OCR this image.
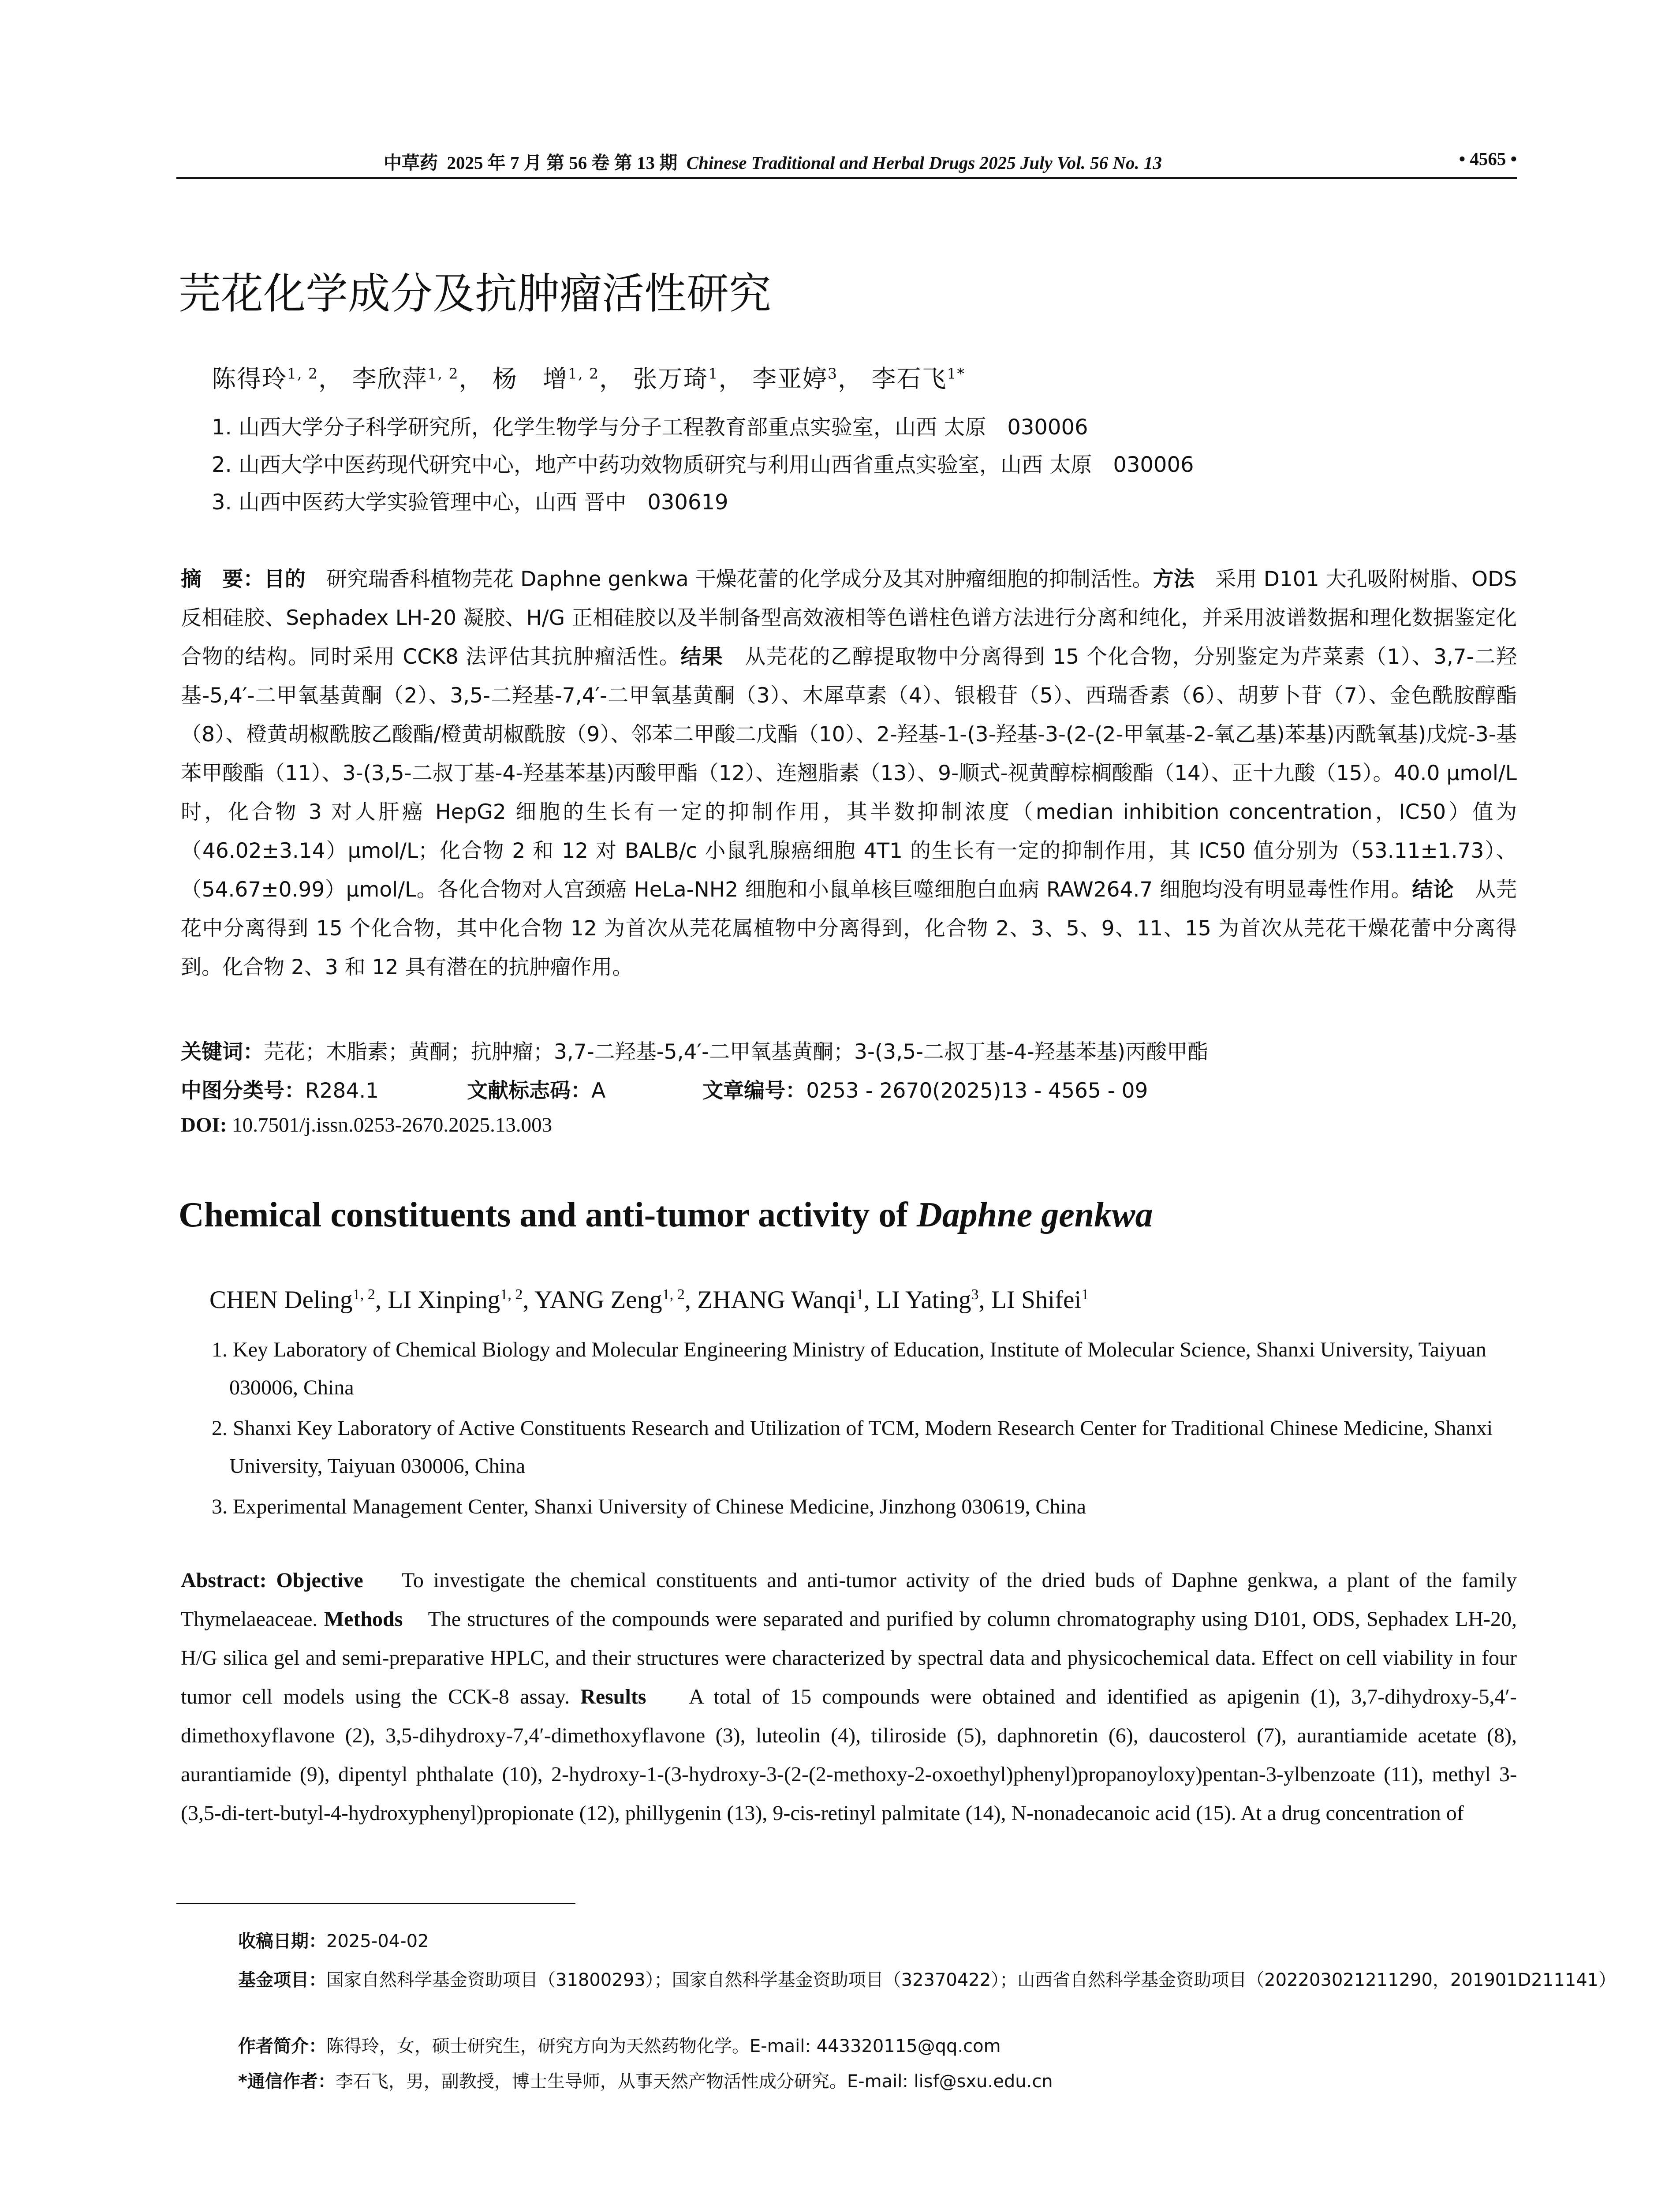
中草药 2025 年 7 月 第 56 卷 第 13 期 Chinese Traditional and Herbal Drugs 2025 July Vol. 56 No. 13	• 4565 •
芫花化学成分及抗肿瘤活性研究
陈得玲$^{1, 2}$， 李欣萍$^{1, 2}$， 杨　增$^{1, 2}$， 张万琦$^1$， 李亚婷$^3$， 李石飞$^{1*}$
1. 山西大学分子科学研究所，化学生物学与分子工程教育部重点实验室，山西 太原　030006
2. 山西大学中医药现代研究中心，地产中药功效物质研究与利用山西省重点实验室，山西 太原　030006
3. 山西中医药大学实验管理中心，山西 晋中　030619
摘　要：目的　 研究瑞香科植物芫花 Daphne genkwa 干燥花蕾的化学成分及其对肿瘤细胞的抑制活性。方法　 采用 D101 大孔吸附树脂、ODS 反相硅胶、Sephadex LH-20 凝胶、H/G 正相硅胶以及半制备型高效液相等色谱柱色谱方法进行分离和纯化，并采用波谱数据和理化数据鉴定化合物的结构。同时采用 CCK8 法评估其抗肿瘤活性。结果　 从芫花的乙醇提取物中分离得到 15 个化合物，分别鉴定为芹菜素（1）、3,7-二羟基-5,4′-二甲氧基黄酮（2）、3,5-二羟基-7,4′-二甲氧基黄酮（3）、木犀草素（4）、银椴苷（5）、西瑞香素（6）、胡萝卜苷（7）、金色酰胺醇酯（8）、橙黄胡椒酰胺乙酸酯/橙黄胡椒酰胺（9）、邻苯二甲酸二戊酯（10）、2-羟基-1-(3-羟基-3-(2-(2-甲氧基-2-氧乙基)苯基)丙酰氧基)戊烷-3-基苯甲酸酯（11）、3-(3,5-二叔丁基-4-羟基苯基)丙酸甲酯（12）、连翘脂素（13）、9-顺式-视黄醇棕榈酸酯（14）、正十九酸（15）。40.0 μmol/L 时，化合物 3 对人肝癌 HepG2 细胞的生长有一定的抑制作用，其半数抑制浓度（median inhibition concentration，IC50）值为（46.02±3.14）μmol/L；化合物 2 和 12 对 BALB/c 小鼠乳腺癌细胞 4T1 的生长有一定的抑制作用，其 IC50 值分别为（53.11±1.73）、（54.67±0.99）μmol/L。各化合物对人宫颈癌 HeLa-NH2 细胞和小鼠单核巨噬细胞白血病 RAW264.7 细胞均没有明显毒性作用。结论　 从芫花中分离得到 15 个化合物，其中化合物 12 为首次从芫花属植物中分离得到，化合物 2、3、5、9、11、15 为首次从芫花干燥花蕾中分离得到。化合物 2、3 和 12 具有潜在的抗肿瘤作用。
关键词：芫花；木脂素；黄酮；抗肿瘤；3,7-二羟基-5,4′-二甲氧基黄酮；3-(3,5-二叔丁基-4-羟基苯基)丙酸甲酯
中图分类号：R284.1	文献标志码：A	文章编号：0253 - 2670(2025)13 - 4565 - 09
DOI: 10.7501/j.issn.0253-2670.2025.13.003
Chemical constituents and anti-tumor activity of Daphne genkwa
CHEN Deling$^{1, 2}$, LI Xinping$^{1, 2}$, YANG Zeng$^{1, 2}$, ZHANG Wanqi$^1$, LI Yating$^3$, LI Shifei$^1$
1. Key Laboratory of Chemical Biology and Molecular Engineering Ministry of Education, Institute of Molecular Science, Shanxi University, Taiyuan 030006, China
2. Shanxi Key Laboratory of Active Constituents Research and Utilization of TCM, Modern Research Center for Traditional Chinese Medicine, Shanxi University, Taiyuan 030006, China
3. Experimental Management Center, Shanxi University of Chinese Medicine, Jinzhong 030619, China
Abstract: Objective To investigate the chemical constituents and anti-tumor activity of the dried buds of Daphne genkwa, a plant of the family Thymelaeaceae. Methods The structures of the compounds were separated and purified by column chromatography using D101, ODS, Sephadex LH-20, H/G silica gel and semi-preparative HPLC, and their structures were characterized by spectral data and physicochemical data. Effect on cell viability in four tumor cell models using the CCK-8 assay. Results A total of 15 compounds were obtained and identified as apigenin (1), 3,7-dihydroxy-5,4′-dimethoxyflavone (2), 3,5-dihydroxy-7,4′-dimethoxyflavone (3), luteolin (4), tiliroside (5), daphnoretin (6), daucosterol (7), aurantiamide acetate (8), aurantiamide (9), dipentyl phthalate (10), 2-hydroxy-1-(3-hydroxy-3-(2-(2-methoxy-2-oxoethyl)phenyl)propanoyloxy)pentan-3-ylbenzoate (11), methyl 3-(3,5-di-tert-butyl-4-hydroxyphenyl)propionate (12), phillygenin (13), 9-cis-retinyl palmitate (14), N-nonadecanoic acid (15). At a drug concentration of
收稿日期：2025-04-02
基金项目：国家自然科学基金资助项目（31800293）；国家自然科学基金资助项目（32370422）；山西省自然科学基金资助项目（202203021211290，201901D211141）
作者简介：陈得玲，女，硕士研究生，研究方向为天然药物化学。E-mail: 443320115@qq.com
*通信作者：李石飞，男，副教授，博士生导师，从事天然产物活性成分研究。E-mail: lisf@sxu.edu.cn
